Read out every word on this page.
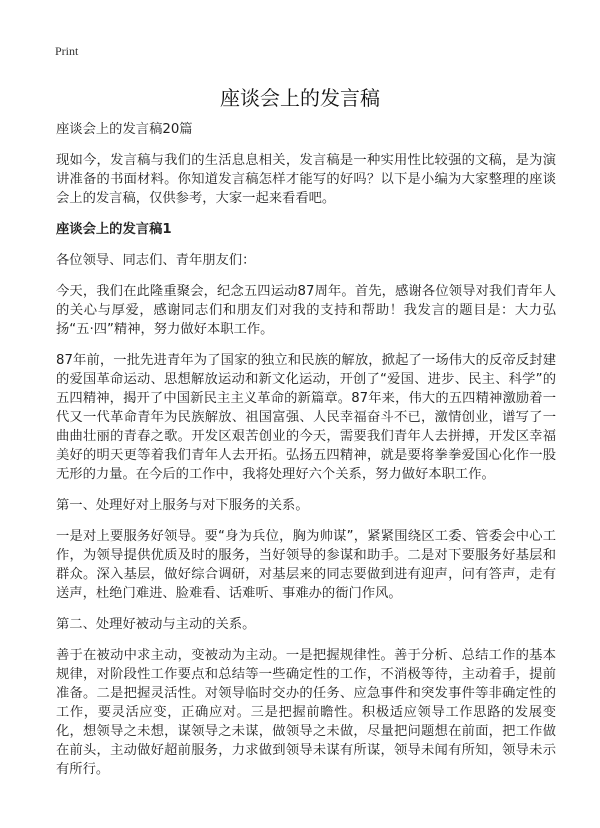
Print
座谈会上的发言稿

座谈会上的发言稿20篇

现如今，发言稿与我们的生活息息相关，发言稿是一种实用性比较强的文稿，是为演讲准备的书面材料。你知道发言稿怎样才能写的好吗？以下是小编为大家整理的座谈会上的发言稿，仅供参考，大家一起来看看吧。

座谈会上的发言稿1

各位领导、同志们、青年朋友们：

今天，我们在此隆重聚会，纪念五四运动87周年。首先，感谢各位领导对我们青年人的关心与厚爱，感谢同志们和朋友们对我的支持和帮助！我发言的题目是：大力弘扬“五·四”精神，努力做好本职工作。

87年前，一批先进青年为了国家的独立和民族的解放，掀起了一场伟大的反帝反封建的爱国革命运动、思想解放运动和新文化运动，开创了“爱国、进步、民主、科学”的五四精神，揭开了中国新民主主义革命的新篇章。87年来，伟大的五四精神激励着一代又一代革命青年为民族解放、祖国富强、人民幸福奋斗不已，激情创业，谱写了一曲曲壮丽的青春之歌。开发区艰苦创业的今天，需要我们青年人去拼搏，开发区幸福美好的明天更等着我们青年人去开拓。弘扬五四精神，就是要将拳拳爱国心化作一股无形的力量。在今后的工作中，我将处理好六个关系，努力做好本职工作。

第一、处理好对上服务与对下服务的关系。

一是对上要服务好领导。要“身为兵位，胸为帅谋”，紧紧围绕区工委、管委会中心工作，为领导提供优质及时的服务，当好领导的参谋和助手。二是对下要服务好基层和群众。深入基层，做好综合调研，对基层来的同志要做到进有迎声，问有答声，走有送声，杜绝门难进、脸难看、话难听、事难办的衙门作风。

第二、处理好被动与主动的关系。

善于在被动中求主动，变被动为主动。一是把握规律性。善于分析、总结工作的基本规律，对阶段性工作要点和总结等一些确定性的工作，不消极等待，主动着手，提前准备。二是把握灵活性。对领导临时交办的任务、应急事件和突发事件等非确定性的工作，要灵活应变，正确应对。三是把握前瞻性。积极适应领导工作思路的发展变化，想领导之未想，谋领导之未谋，做领导之未做，尽量把问题想在前面，把工作做在前头，主动做好超前服务，力求做到领导未谋有所谋，领导未闻有所知，领导未示有所行。
